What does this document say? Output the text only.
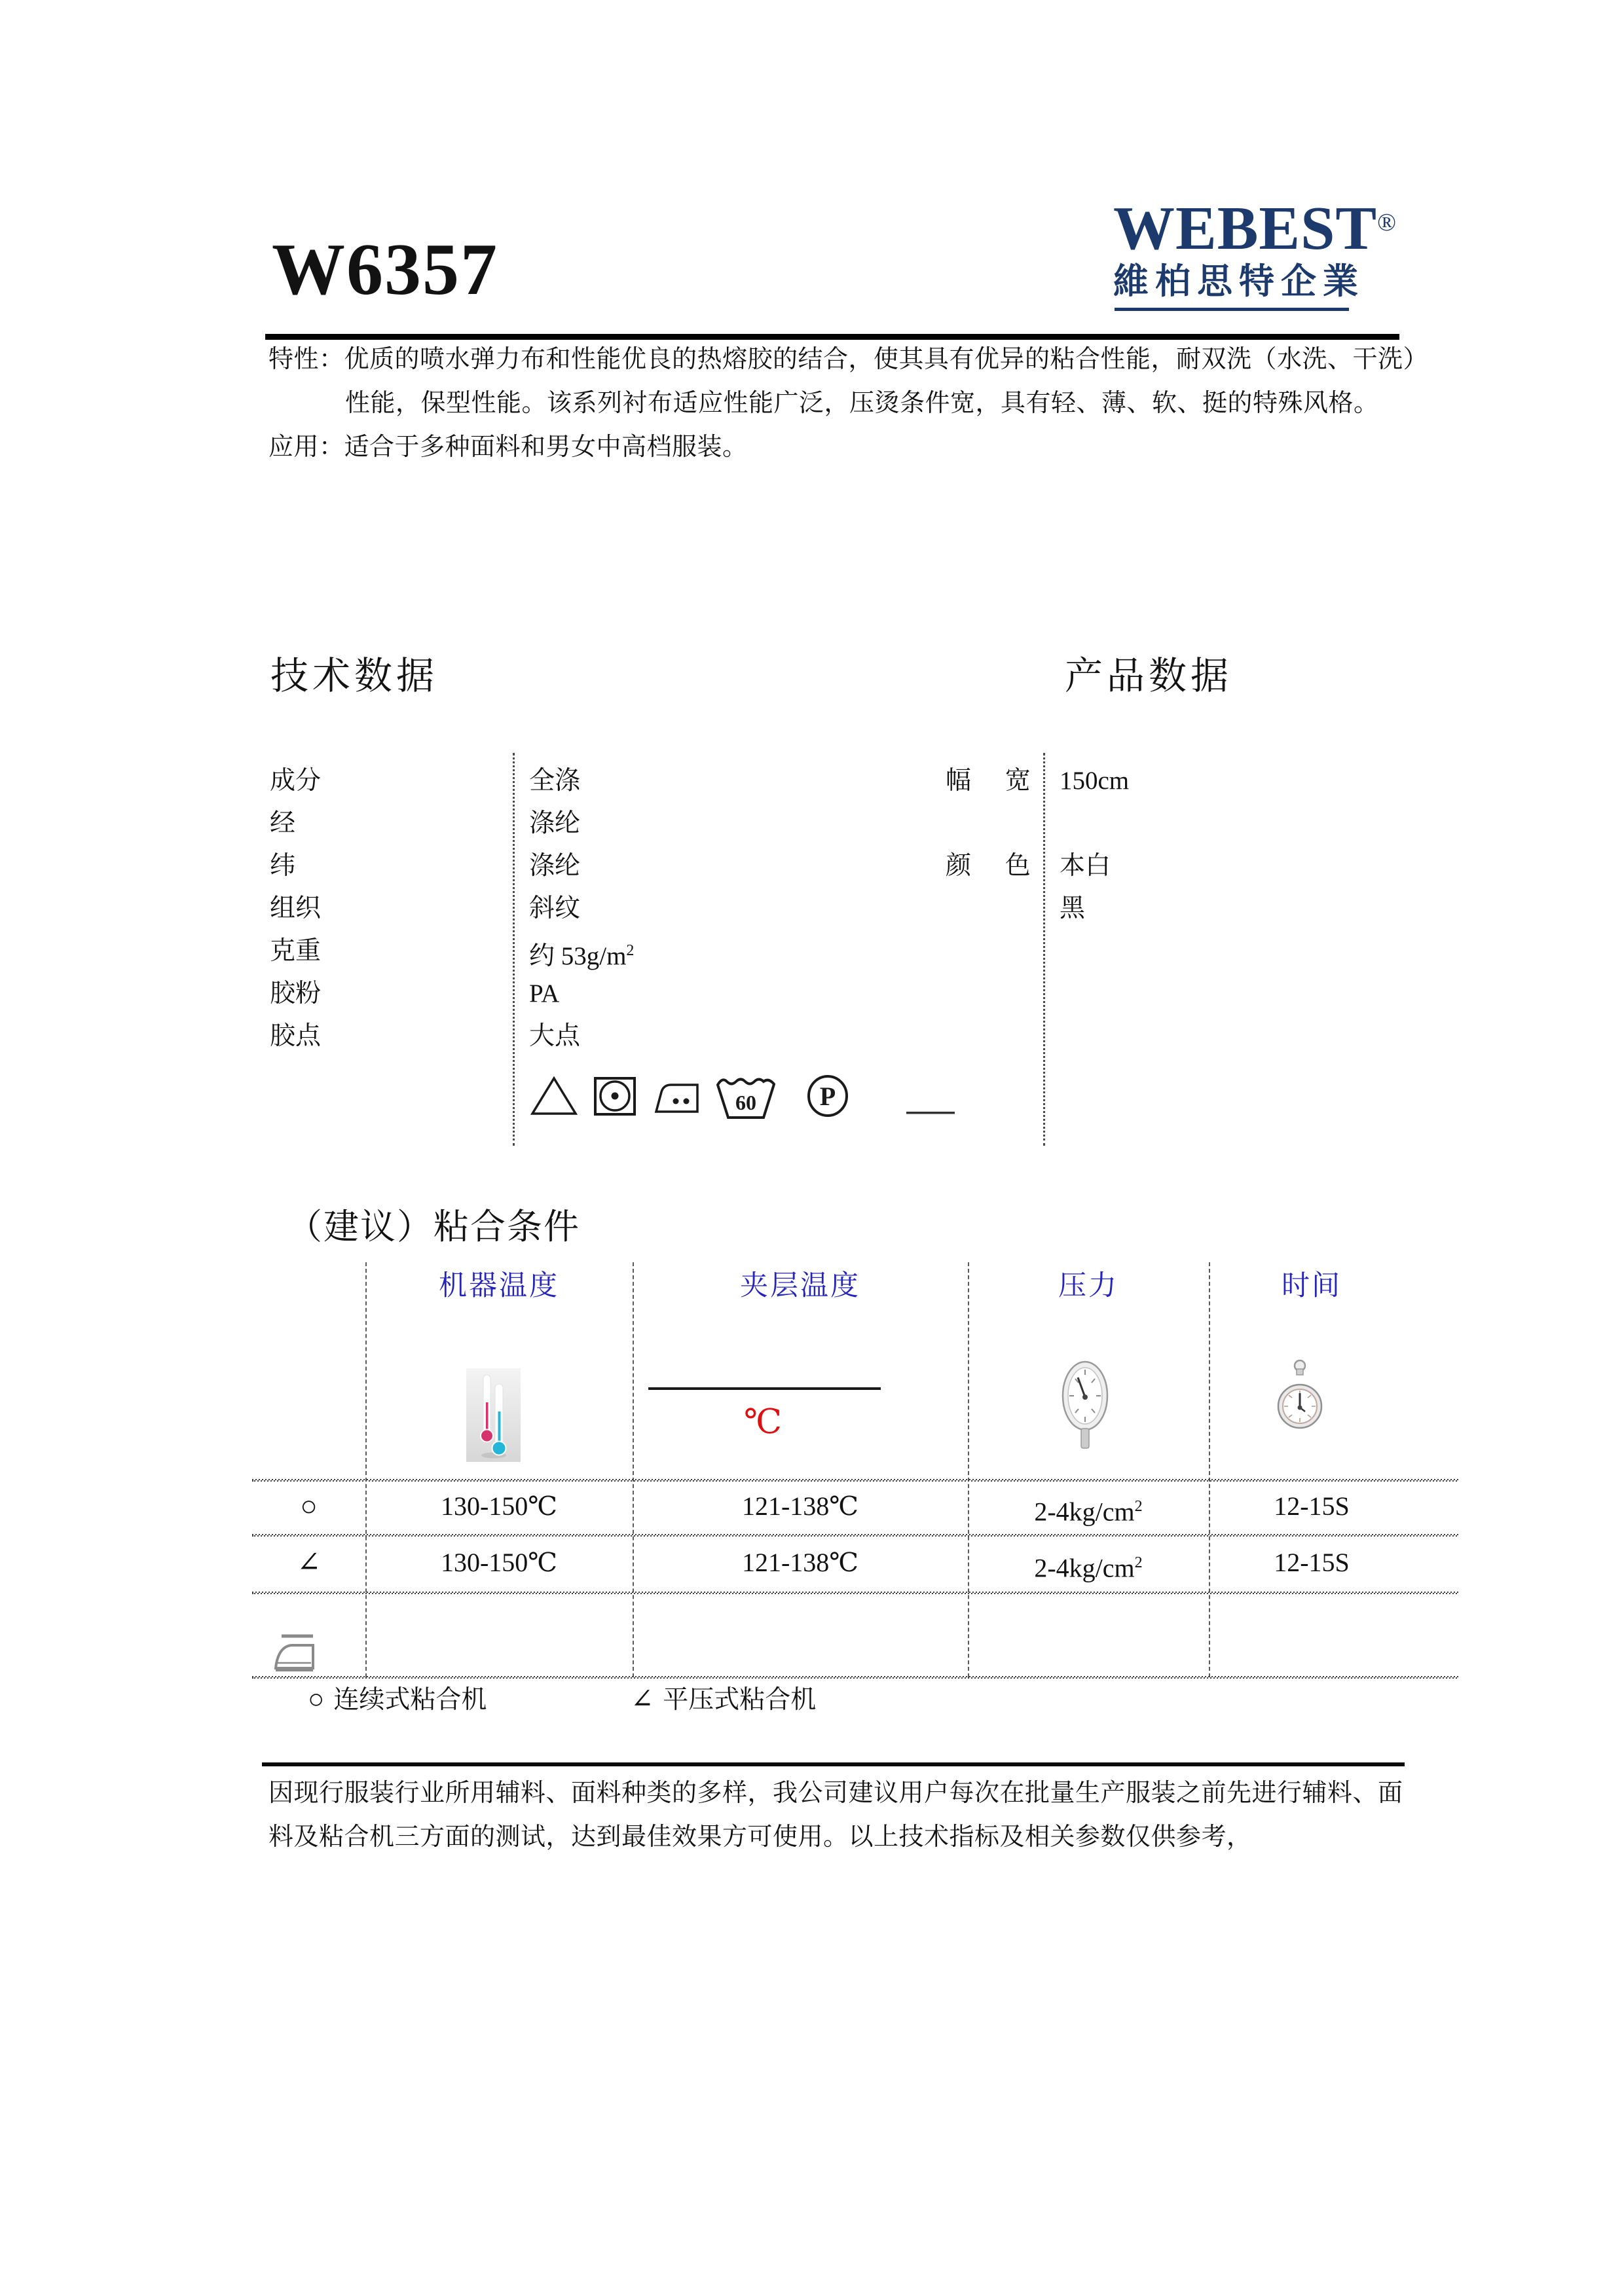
W6357
WEBEST®
維柏思特企業
特性：优质的喷水弹力布和性能优良的热熔胶的结合，使其具有优异的粘合性能，耐双洗（水洗、干洗）
性能，保型性能。该系列衬布适应性能广泛，压烫条件宽，具有轻、薄、软、挺的特殊风格。
应用：适合于多种面料和男女中高档服装。
技术数据	产品数据
成分	全涤
经	涤纶
纬	涤纶
组织	斜纹
克重	约 $53g/m^2$
胶粉	PA
胶点	大点
60 P
幅 宽 150cm
颜 色 本白
黑
（建议）粘合条件
机器温度	夹层温度	压力	时间
℃
○	130-150℃	121-138℃	$2-4kg/cm^2$	12-15S
∠	130-150℃	121-138℃	$2-4kg/cm^2$	12-15S
○ 连续式粘合机	∠ 平压式粘合机
因现行服装行业所用辅料、面料种类的多样，我公司建议用户每次在批量生产服装之前先进行辅料、面
料及粘合机三方面的测试，达到最佳效果方可使用。以上技术指标及相关参数仅供参考，
